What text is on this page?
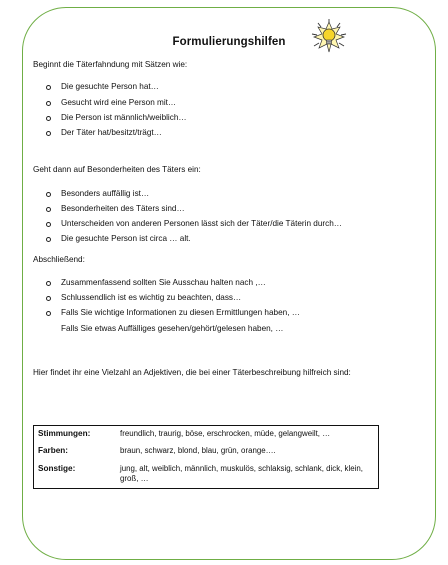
Formulierungshilfen

Beginnt die Täterfahndung mit Sätzen wie:

Die gesuchte Person hat…
Gesucht wird eine Person mit…
Die Person ist männlich/weiblich…
Der Täter hat/besitzt/trägt…

Geht dann auf Besonderheiten des Täters ein:

Besonders auffällig ist…
Besonderheiten des Täters sind…
Unterscheiden von anderen Personen lässt sich der Täter/die Täterin durch…
Die gesuchte Person ist circa … alt.

Abschließend:

Zusammenfassend sollten Sie Ausschau halten nach ,…
Schlussendlich ist es wichtig zu beachten, dass…
Falls Sie wichtige Informationen zu diesen Ermittlungen haben, …
Falls Sie etwas Auffälliges gesehen/gehört/gelesen haben, …

Hier findet ihr eine Vielzahl an Adjektiven, die bei einer Täterbeschreibung hilfreich sind:

Stimmungen:	freundlich, traurig, böse, erschrocken, müde, gelangweilt, …
Farben:	braun, schwarz, blond, blau, grün, orange….
Sonstige:	jung, alt, weiblich, männlich, muskulös, schlaksig, schlank, dick, klein, groß, …
